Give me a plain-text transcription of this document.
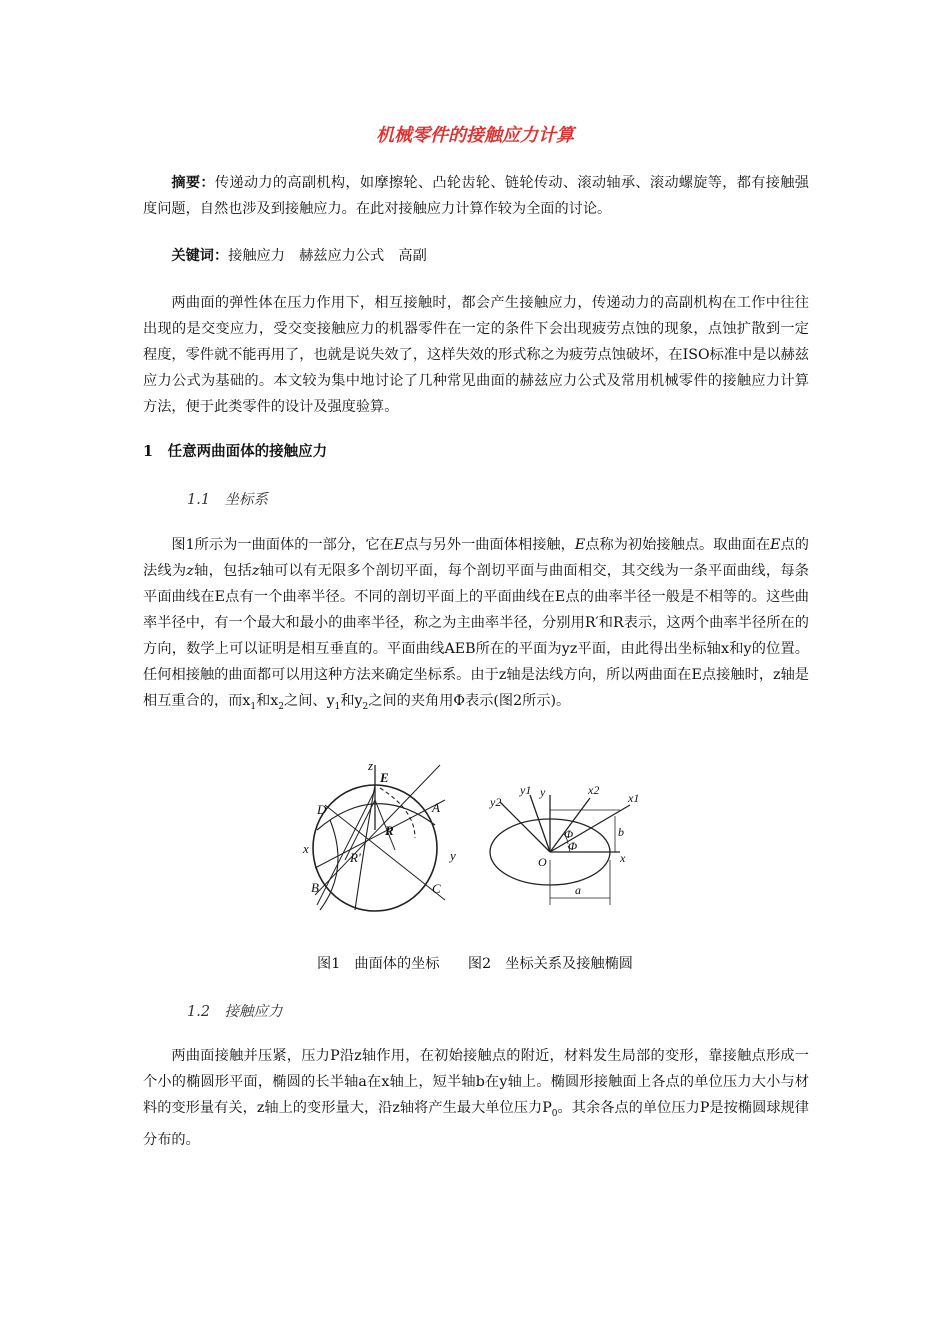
机械零件的接触应力计算

摘要：传递动力的高副机构，如摩擦轮、凸轮齿轮、链轮传动、滚动轴承、滚动螺旋等，都有接触强度问题，自然也涉及到接触应力。在此对接触应力计算作较为全面的讨论。

关键词：接触应力　赫兹应力公式　高副

两曲面的弹性体在压力作用下，相互接触时，都会产生接触应力，传递动力的高副机构在工作中往往出现的是交变应力，受交变接触应力的机器零件在一定的条件下会出现疲劳点蚀的现象，点蚀扩散到一定程度，零件就不能再用了，也就是说失效了，这样失效的形式称之为疲劳点蚀破坏，在ISO标准中是以赫兹应力公式为基础的。本文较为集中地讨论了几种常见曲面的赫兹应力公式及常用机械零件的接触应力计算方法，便于此类零件的设计及强度验算。

1　任意两曲面体的接触应力
1.1　坐标系

图1所示为一曲面体的一部分，它在E点与另外一曲面体相接触，E点称为初始接触点。取曲面在E点的法线为z轴，包括z轴可以有无限多个剖切平面，每个剖切平面与曲面相交，其交线为一条平面曲线，每条平面曲线在E点有一个曲率半径。不同的剖切平面上的平面曲线在E点的曲率半径一般是不相等的。这些曲率半径中，有一个最大和最小的曲率半径，称之为主曲率半径，分别用R′和R表示，这两个曲率半径所在的方向，数学上可以证明是相互垂直的。平面曲线AEB所在的平面为yz平面，由此得出坐标轴x和y的位置。任何相接触的曲面都可以用这种方法来确定坐标系。由于z轴是法线方向，所以两曲面在E点接触时，z轴是相互重合的，而$x_1$和$x_2$之间、$y_1$和$y_2$之间的夹角用Φ表示(图2所示)。

z
E
D	A
R
x
R′	y
B	C
y1 y	x2
x1
y2
Φ
Φ
b
O	x
a
图1　曲面体的坐标　　图2　坐标关系及接触椭圆
1.2　接触应力

两曲面接触并压紧，压力P沿z轴作用，在初始接触点的附近，材料发生局部的变形，靠接触点形成一个小的椭圆形平面，椭圆的长半轴a在x轴上，短半轴b在y轴上。椭圆形接触面上各点的单位压力大小与材料的变形量有关，z轴上的变形量大，沿z轴将产生最大单位压力$P_0$。其余各点的单位压力P是按椭圆球规律分布的。
